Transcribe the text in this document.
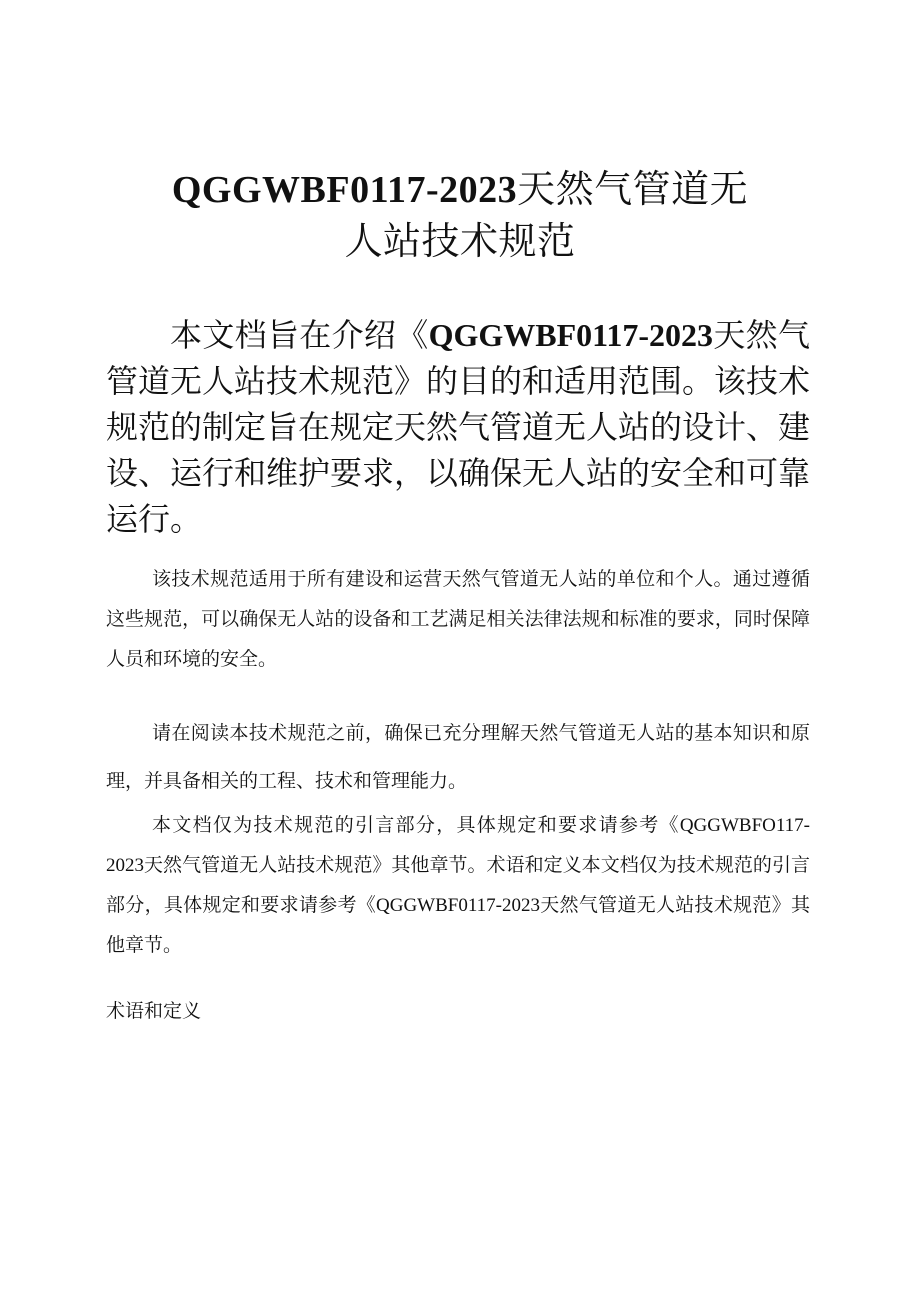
QGGWBF0117-2023天然气管道无
人站技术规范

本文档旨在介绍《QGGWBF0117-2023天然气管道无人站技术规范》的目的和适用范围。该技术规范的制定旨在规定天然气管道无人站的设计、建设、运行和维护要求，以确保无人站的安全和可靠运行。

该技术规范适用于所有建设和运营天然气管道无人站的单位和个人。通过遵循这些规范，可以确保无人站的设备和工艺满足相关法律法规和标准的要求，同时保障人员和环境的安全。

请在阅读本技术规范之前，确保已充分理解天然气管道无人站的基本知识和原理，并具备相关的工程、技术和管理能力。

本文档仅为技术规范的引言部分，具体规定和要求请参考《QGGWBFO117-2023天然气管道无人站技术规范》其他章节。术语和定义本文档仅为技术规范的引言部分，具体规定和要求请参考《QGGWBF0117-2023天然气管道无人站技术规范》其他章节。

术语和定义
